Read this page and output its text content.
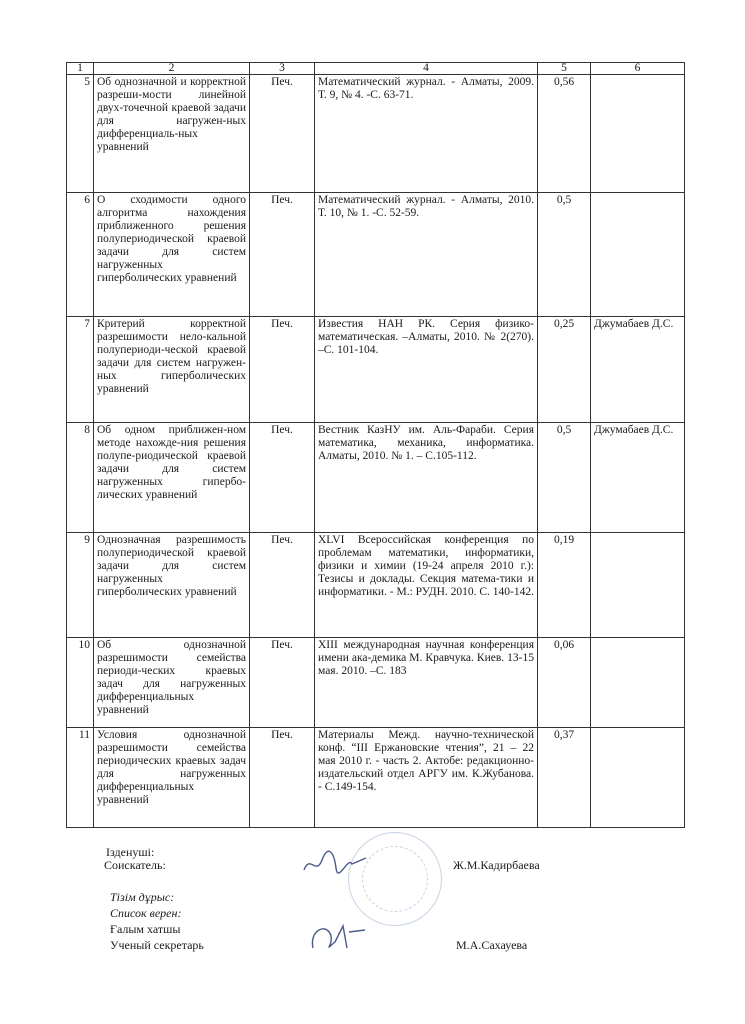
1	2	3	4	5	6
5	Об однозначной и корректной разреши-мости линейной двух-точечной краевой задачи для нагружен-ных дифференциаль-ных уравнений	Печ.	Математический журнал. - Алматы, 2009. Т. 9, № 4. -С. 63-71.	0,56	
6	О сходимости одного алгоритма нахождения приближенного решения полупериодической краевой задачи для систем нагруженных гиперболических уравнений	Печ.	Математический журнал. - Алматы, 2010. Т. 10, № 1. -С. 52-59.	0,5	
7	Критерий корректной разрешимости нело-кальной полупериоди-ческой краевой задачи для систем нагружен-ных гиперболических уравнений	Печ.	Известия НАН РК. Серия физико-математическая. –Алматы, 2010. № 2(270). –С. 101-104.	0,25	Джумабаев Д.С.
8	Об одном приближен-ном методе нахожде-ния решения полупе-риодической краевой задачи для систем нагруженных гипербо-лических уравнений	Печ.	Вестник КазНУ им. Аль-Фараби. Серия математика, механика, информатика. Алматы, 2010. № 1. – С.105-112.	0,5	Джумабаев Д.С.
9	Однозначная разрешимость полупериодической краевой задачи для систем нагруженных гиперболических уравнений	Печ.	XLVI Всероссийская конференция по проблемам математики, информатики, физики и химии (19-24 апреля 2010 г.): Тезисы и доклады. Секция матема-тики и информатики. - М.: РУДН. 2010. С. 140-142.	0,19	
10	Об однозначной разрешимости семейства периоди-ческих краевых задач для нагруженных дифференциальных уравнений	Печ.	XIII международная научная конференция имени ака-демика М. Кравчука. Киев. 13-15 мая. 2010. –С. 183	0,06	
11	Условия однозначной разрешимости семейства периодических краевых задач для нагруженных дифференциальных уравнений	Печ.	Материалы Межд. научно-технической конф. “III Ержановские чтения”, 21 – 22 мая 2010 г. - часть 2. Актобе: редакционно-издательский отдел АРГУ им. К.Жубанова. - С.149-154.	0,37	
Ізденуші:
Соискатель:	Ж.М.Кадирбаева
Тізім дұрыс:
Список верен:
Ғалым хатшы
Ученый секретарь	М.А.Сахауева
